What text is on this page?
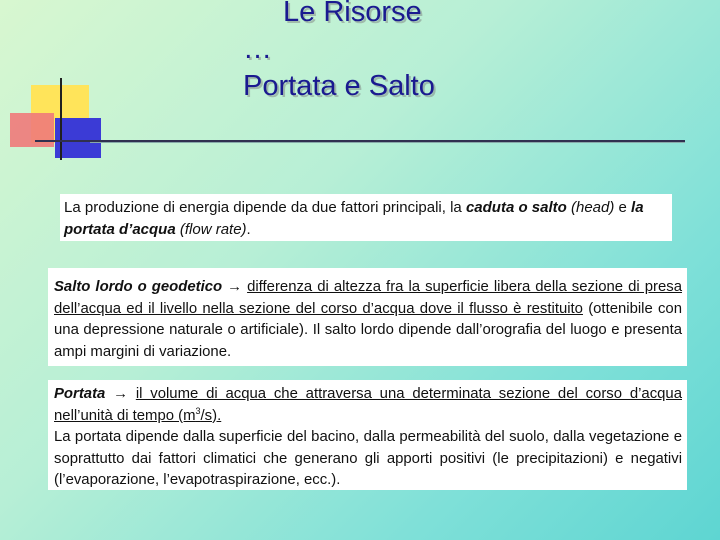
Le Risorse
…
Portata e Salto
La produzione di energia dipende da due fattori principali, la caduta o salto (head) e la portata d’acqua (flow rate).
Salto lordo o geodetico → differenza di altezza fra la superficie libera della sezione di presa dell’acqua ed il livello nella sezione del corso d’acqua dove il flusso è restituito (ottenibile con una depressione naturale o artificiale). Il salto lordo dipende dall’orografia del luogo e presenta ampi margini di variazione.
Portata → il volume di acqua che attraversa una determinata sezione del corso d’acqua nell’unità di tempo $(m^3/s)$.
La portata dipende dalla superficie del bacino, dalla permeabilità del suolo, dalla vegetazione e soprattutto dai fattori climatici che generano gli apporti positivi (le precipitazioni) e negativi (l’evaporazione, l’evapotraspirazione, ecc.).
